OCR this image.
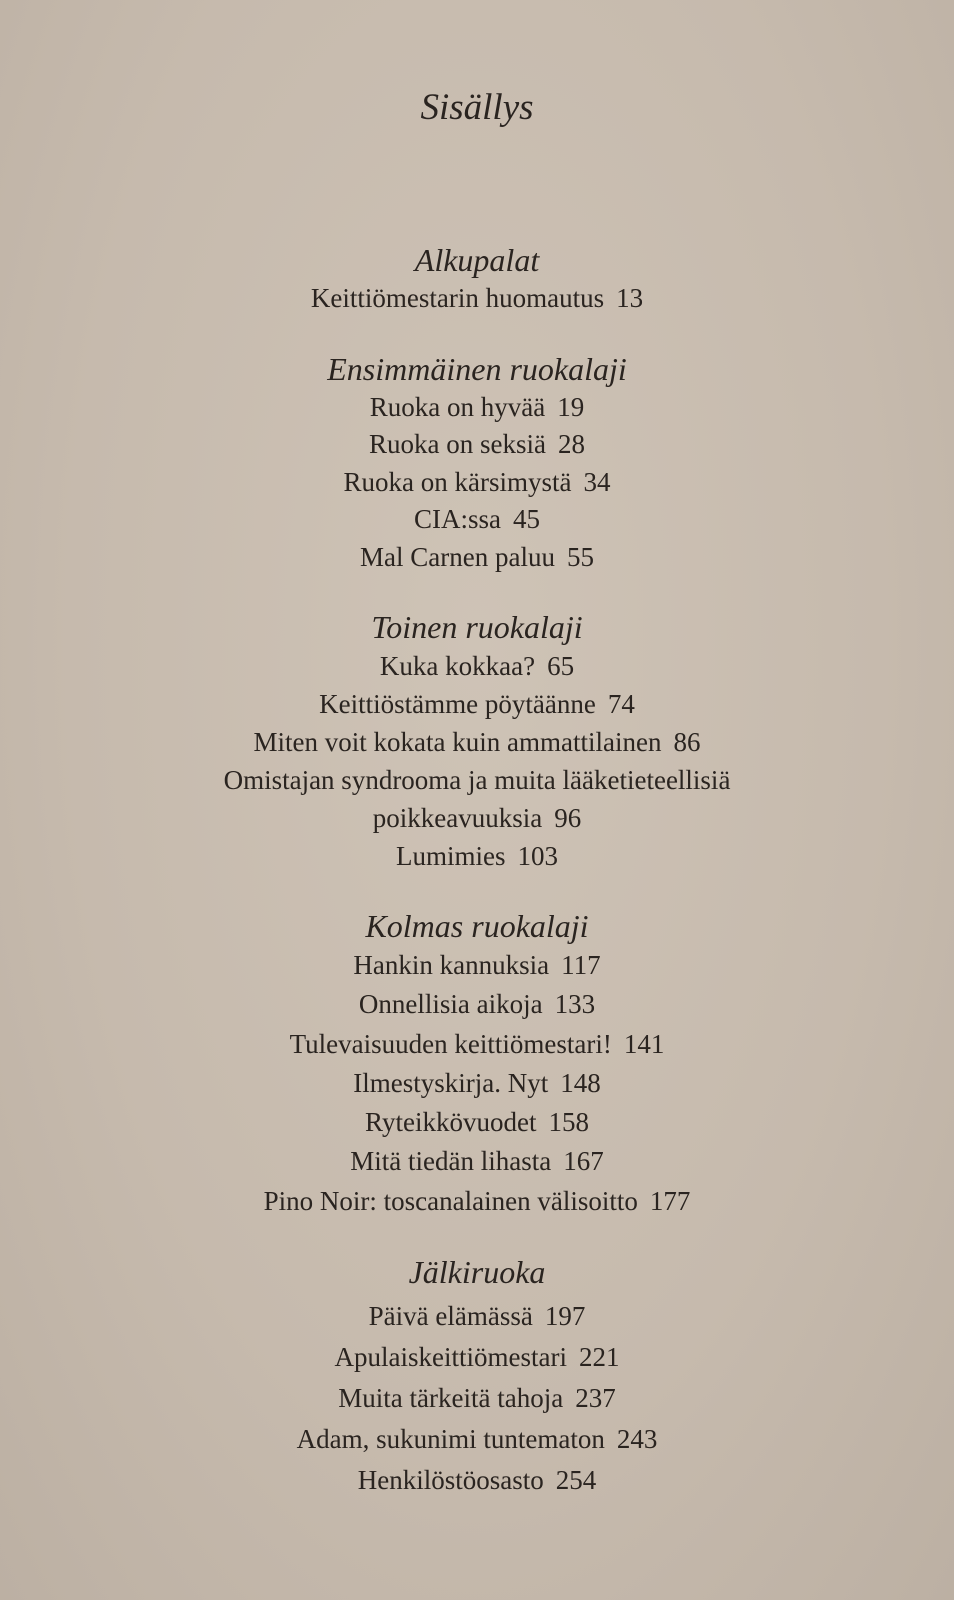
Sisällys
Alkupalat
Keittiömestarin huomautus 13
Ensimmäinen ruokalaji
Ruoka on hyvää 19
Ruoka on seksiä 28
Ruoka on kärsimystä 34
CIA:ssa 45
Mal Carnen paluu 55
Toinen ruokalaji
Kuka kokkaa? 65
Keittiöstämme pöytäänne 74
Miten voit kokata kuin ammattilainen 86
Omistajan syndrooma ja muita lääketieteellisiä
poikkeavuuksia 96
Lumimies 103
Kolmas ruokalaji
Hankin kannuksia 117
Onnellisia aikoja 133
Tulevaisuuden keittiömestari! 141
Ilmestyskirja. Nyt 148
Ryteikkövuodet 158
Mitä tiedän lihasta 167
Pino Noir: toscanalainen välisoitto 177
Jälkiruoka
Päivä elämässä 197
Apulaiskeittiömestari 221
Muita tärkeitä tahoja 237
Adam, sukunimi tuntematon 243
Henkilöstöosasto 254
